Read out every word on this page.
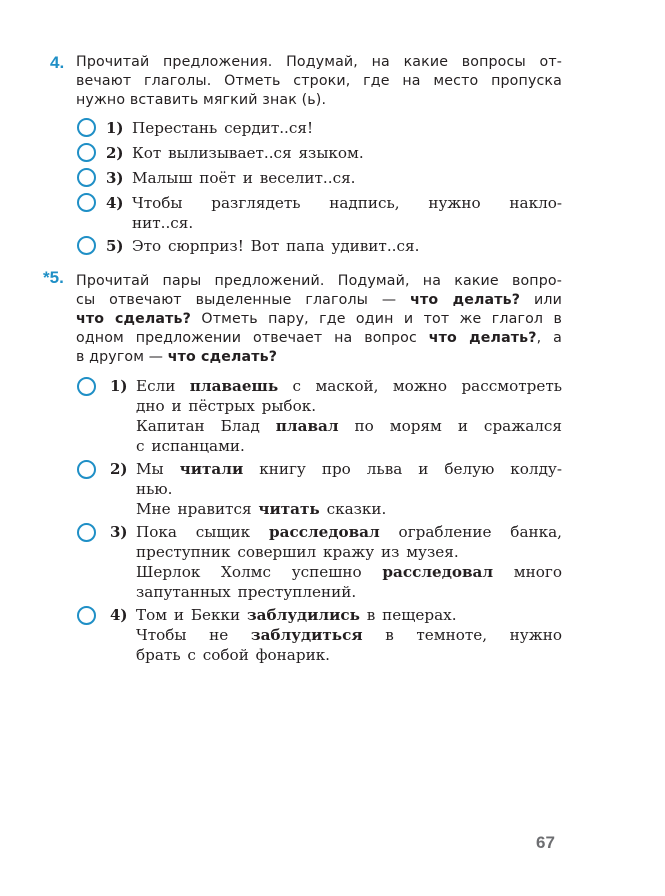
4. Прочитай предложения. Подумай, на какие вопросы от-
вечают глаголы. Отметь строки, где на место пропуска
нужно вставить мягкий знак (ь).
1) Перестань сердит..ся!
2) Кот вылизывает..ся языком.
3) Малыш поёт и веселит..ся.
4) Чтобы разглядеть надпись, нужно накло-
нит..ся.
5) Это сюрприз! Вот папа удивит..ся.
*5. Прочитай пары предложений. Подумай, на какие вопро-
сы отвечают выделенные глаголы — что делать? или
что сделать? Отметь пару, где один и тот же глагол в
одном предложении отвечает на вопрос что делать?, а
в другом — что сделать?
1) Если плаваешь с маской, можно рассмотреть
дно и пёстрых рыбок.
Капитан Блад плавал по морям и сражался
с испанцами.
2) Мы читали книгу про льва и белую колду-
нью.
Мне нравится читать сказки.
3) Пока сыщик расследовал ограбление банка,
преступник совершил кражу из музея.
Шерлок Холмс успешно расследовал много
запутанных преступлений.
4) Том и Бекки заблудились в пещерах.
Чтобы не заблудиться в темноте, нужно
брать с собой фонарик.
67
